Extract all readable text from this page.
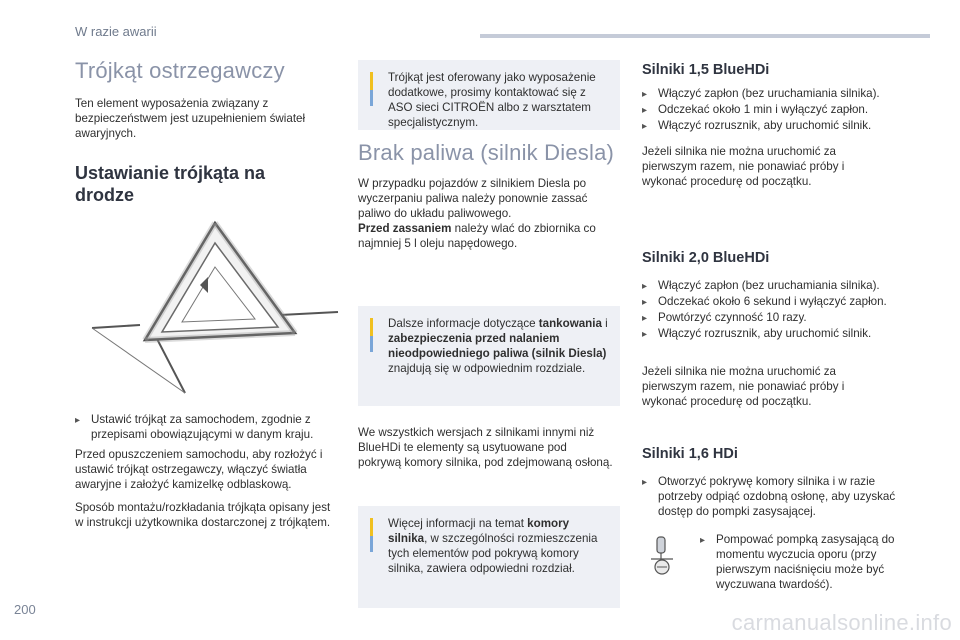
W razie awarii
Trójkąt ostrzegawczy
Ten element wyposażenia związany z bezpieczeństwem jest uzupełnieniem świateł awaryjnych.
Ustawianie trójkąta na drodze
▸ Ustawić trójkąt za samochodem, zgodnie z przepisami obowiązującymi w danym kraju.
Przed opuszczeniem samochodu, aby rozłożyć i ustawić trójkąt ostrzegawczy, włączyć światła awaryjne i założyć kamizelkę odblaskową.
Sposób montażu/rozkładania trójkąta opisany jest w instrukcji użytkownika dostarczonej z trójkątem.
Trójkąt jest oferowany jako wyposażenie dodatkowe, prosimy kontaktować się z ASO sieci CITROËN albo z warsztatem specjalistycznym.
Brak paliwa (silnik Diesla)
W przypadku pojazdów z silnikiem Diesla po wyczerpaniu paliwa należy ponownie zassać paliwo do układu paliwowego.
Przed zassaniem należy wlać do zbiornika co najmniej 5 l oleju napędowego.
Dalsze informacje dotyczące tankowania i zabezpieczenia przed nalaniem nieodpowiedniego paliwa (silnik Diesla) znajdują się w odpowiednim rozdziale.
We wszystkich wersjach z silnikami innymi niż BlueHDi te elementy są usytuowane pod pokrywą komory silnika, pod zdejmowaną osłoną.
Więcej informacji na temat komory silnika, w szczególności rozmieszczenia tych elementów pod pokrywą komory silnika, zawiera odpowiedni rozdział.
Silniki 1,5 BlueHDi
▸ Włączyć zapłon (bez uruchamiania silnika).
▸ Odczekać około 1 min i wyłączyć zapłon.
▸ Włączyć rozrusznik, aby uruchomić silnik.
Jeżeli silnika nie można uruchomić za pierwszym razem, nie ponawiać próby i wykonać procedurę od początku.
Silniki 2,0 BlueHDi
▸ Włączyć zapłon (bez uruchamiania silnika).
▸ Odczekać około 6 sekund i wyłączyć zapłon.
▸ Powtórzyć czynność 10 razy.
▸ Włączyć rozrusznik, aby uruchomić silnik.
Jeżeli silnika nie można uruchomić za pierwszym razem, nie ponawiać próby i wykonać procedurę od początku.
Silniki 1,6 HDi
▸ Otworzyć pokrywę komory silnika i w razie potrzeby odpiąć ozdobną osłonę, aby uzyskać dostęp do pompki zasysającej.
▸ Pompować pompką zasysającą do momentu wyczucia oporu (przy pierwszym naciśnięciu może być wyczuwana twardość).
200
carmanualsonline.info
